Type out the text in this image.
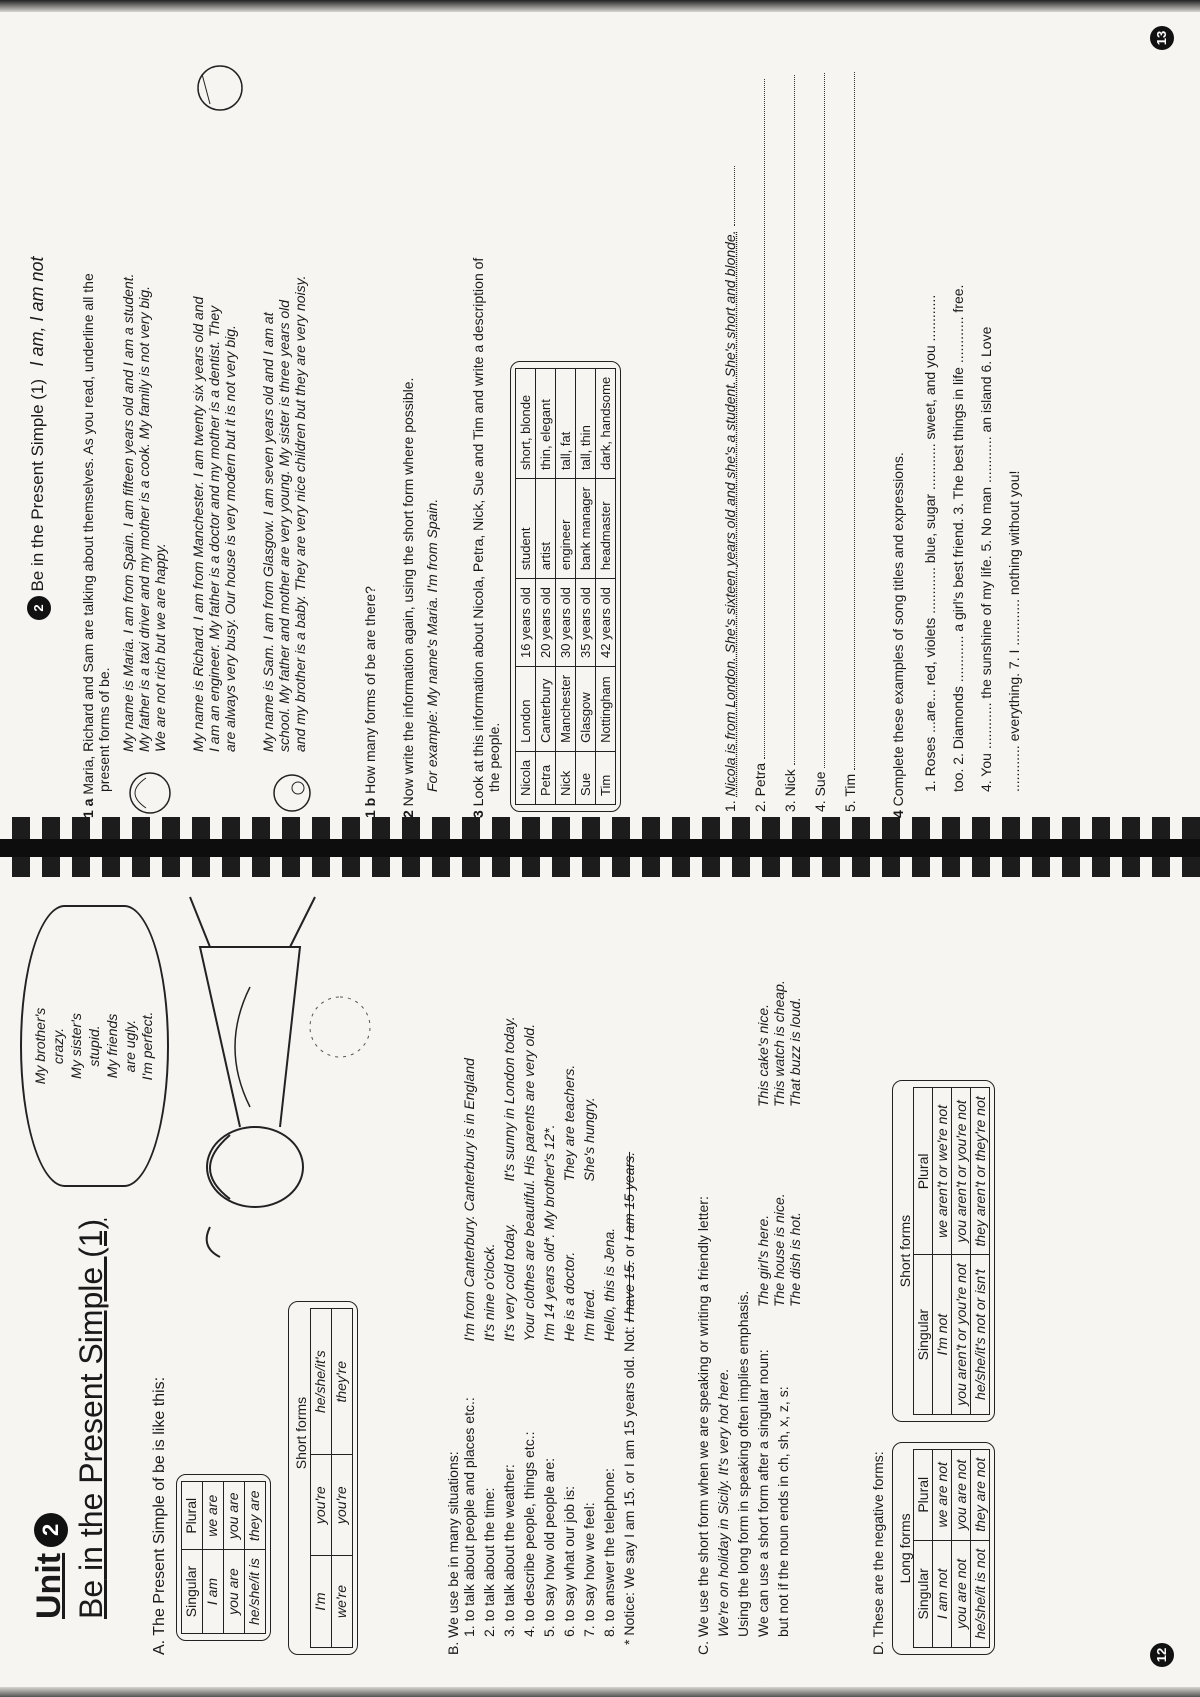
Unit2
Be in the Present Simple (1)	A. The Present Simple of be is like this: Singular	Plural
I am	we are
you are	you are
he/she/it is	they are
Short forms
I'm	you're	he/she/it's
we're	you're	they're
My brother's crazy. My sister's stupid. My friends are ugly. I'm perfect.
B. We use be in many situations: 1. to talk about people and places etc.:I'm from Canterbury. Canterbury is in England
2. to talk about the time:It's nine o'clock.
3. to talk about the weather:It's very cold today.It's sunny in London today.
4. to describe people, things etc.:Your clothes are beautiful. His parents are very old.
5. to say how old people are:I'm 14 years old*. My brother's 12*.
6. to say what our job is:He is a doctor.They are teachers.
7. to say how we feel:I'm tired.She's hungry.
8. to answer the telephone:Hello, this is Jena.
* Notice: We say I am 15. or I am 15 years old. Not: I have 15. or I am 15 years.	C. We use the short form when we are speaking or writing a friendly letter: We're on holiday in Sicily. It's very hot here. Using the long form in speaking often implies emphasis. We can use a short form after a singular noun: but not if the noun ends in ch, sh, x, z, s:
The girl's here. The house is nice. The dish is hot.
This cake's nice. This watch is cheap. That buzz is loud.
D. These are the negative forms: Long forms
Singular	Plural
I am not	we are not
you are not	you are not
he/she/it is not	they are not
Short forms
Singular	Plural
I'm not	we aren't or we're not
you aren't or you're not	you aren't or you're not
he/she/it's not or isn't	they aren't or they're not
12
2 Be in the Present Simple (1) I am, I am not
1 a Maria, Richard and Sam are talking about themselves. As you read, underline all the present forms of be. My name is Maria. I am from Spain. I am fifteen years old and I am a student. My father is a taxi driver and my mother is a cook. My family is not very big. We are not rich but we are happy. My name is Richard. I am from Manchester. I am twenty six years old and I am an engineer. My father is a doctor and my mother is a dentist. They are always very busy. Our house is very modern but it is not very big. My name is Sam. I am from Glasgow. I am seven years old and I am at school. My father and mother are very young. My sister is three years old and my brother is a baby. They are very nice children but they are very noisy.
1 b How many forms of be are there?
2 Now write the information again, using the short form where possible. For example: My name's Maria. I'm from Spain.
3 Look at this information about Nicola, Petra, Nick, Sue and Tim and write a description of the people. Nicola	London	16 years old	student	short, blonde
Petra	Canterbury	20 years old	artist	thin, elegant
Nick	Manchester	30 years old	engineer	tall, fat
Sue	Glasgow	35 years old	bank manager	tall, thin
Tim	Nottingham	42 years old	headmaster	dark, handsome
1. Nicola is from London. She's sixteen years old and she's a student. She's short and blonde.
2. Petra
3. Nick
4. Sue
5. Tim
4 Complete these examples of song titles and expressions.	1. Roses ...are... red, violets ............ blue, sugar ............ sweet, and you ............ too. 2. Diamonds ............ a girl's best friend. 3. The best things in life ............ free. 4. You ............ the sunshine of my life. 5. No man ............ an island 6. Love ............ everything. 7. I ............ nothing without you!
13
